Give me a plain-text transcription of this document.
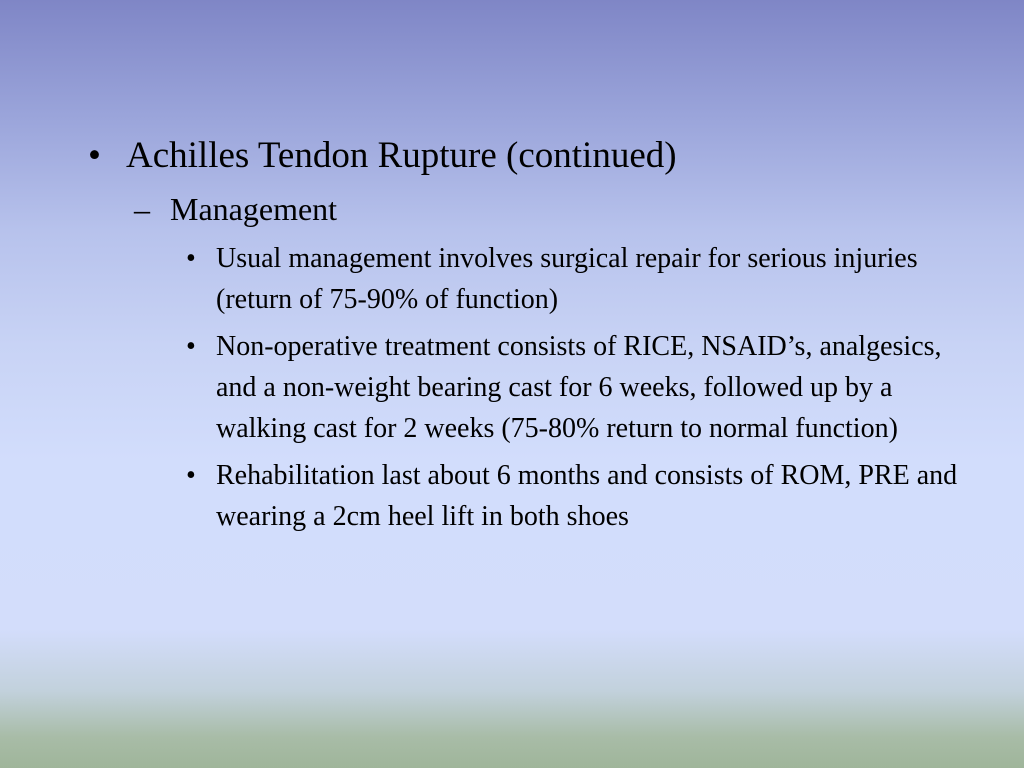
• Achilles Tendon Rupture (continued)
– Management
• Usual management involves surgical repair for serious injuries (return of 75-90% of function)
• Non-operative treatment consists of RICE, NSAID’s, analgesics, and a non-weight bearing cast for 6 weeks, followed up by a walking cast for 2 weeks (75-80% return to normal function)
• Rehabilitation last about 6 months and consists of ROM, PRE and wearing a 2cm heel lift in both shoes
